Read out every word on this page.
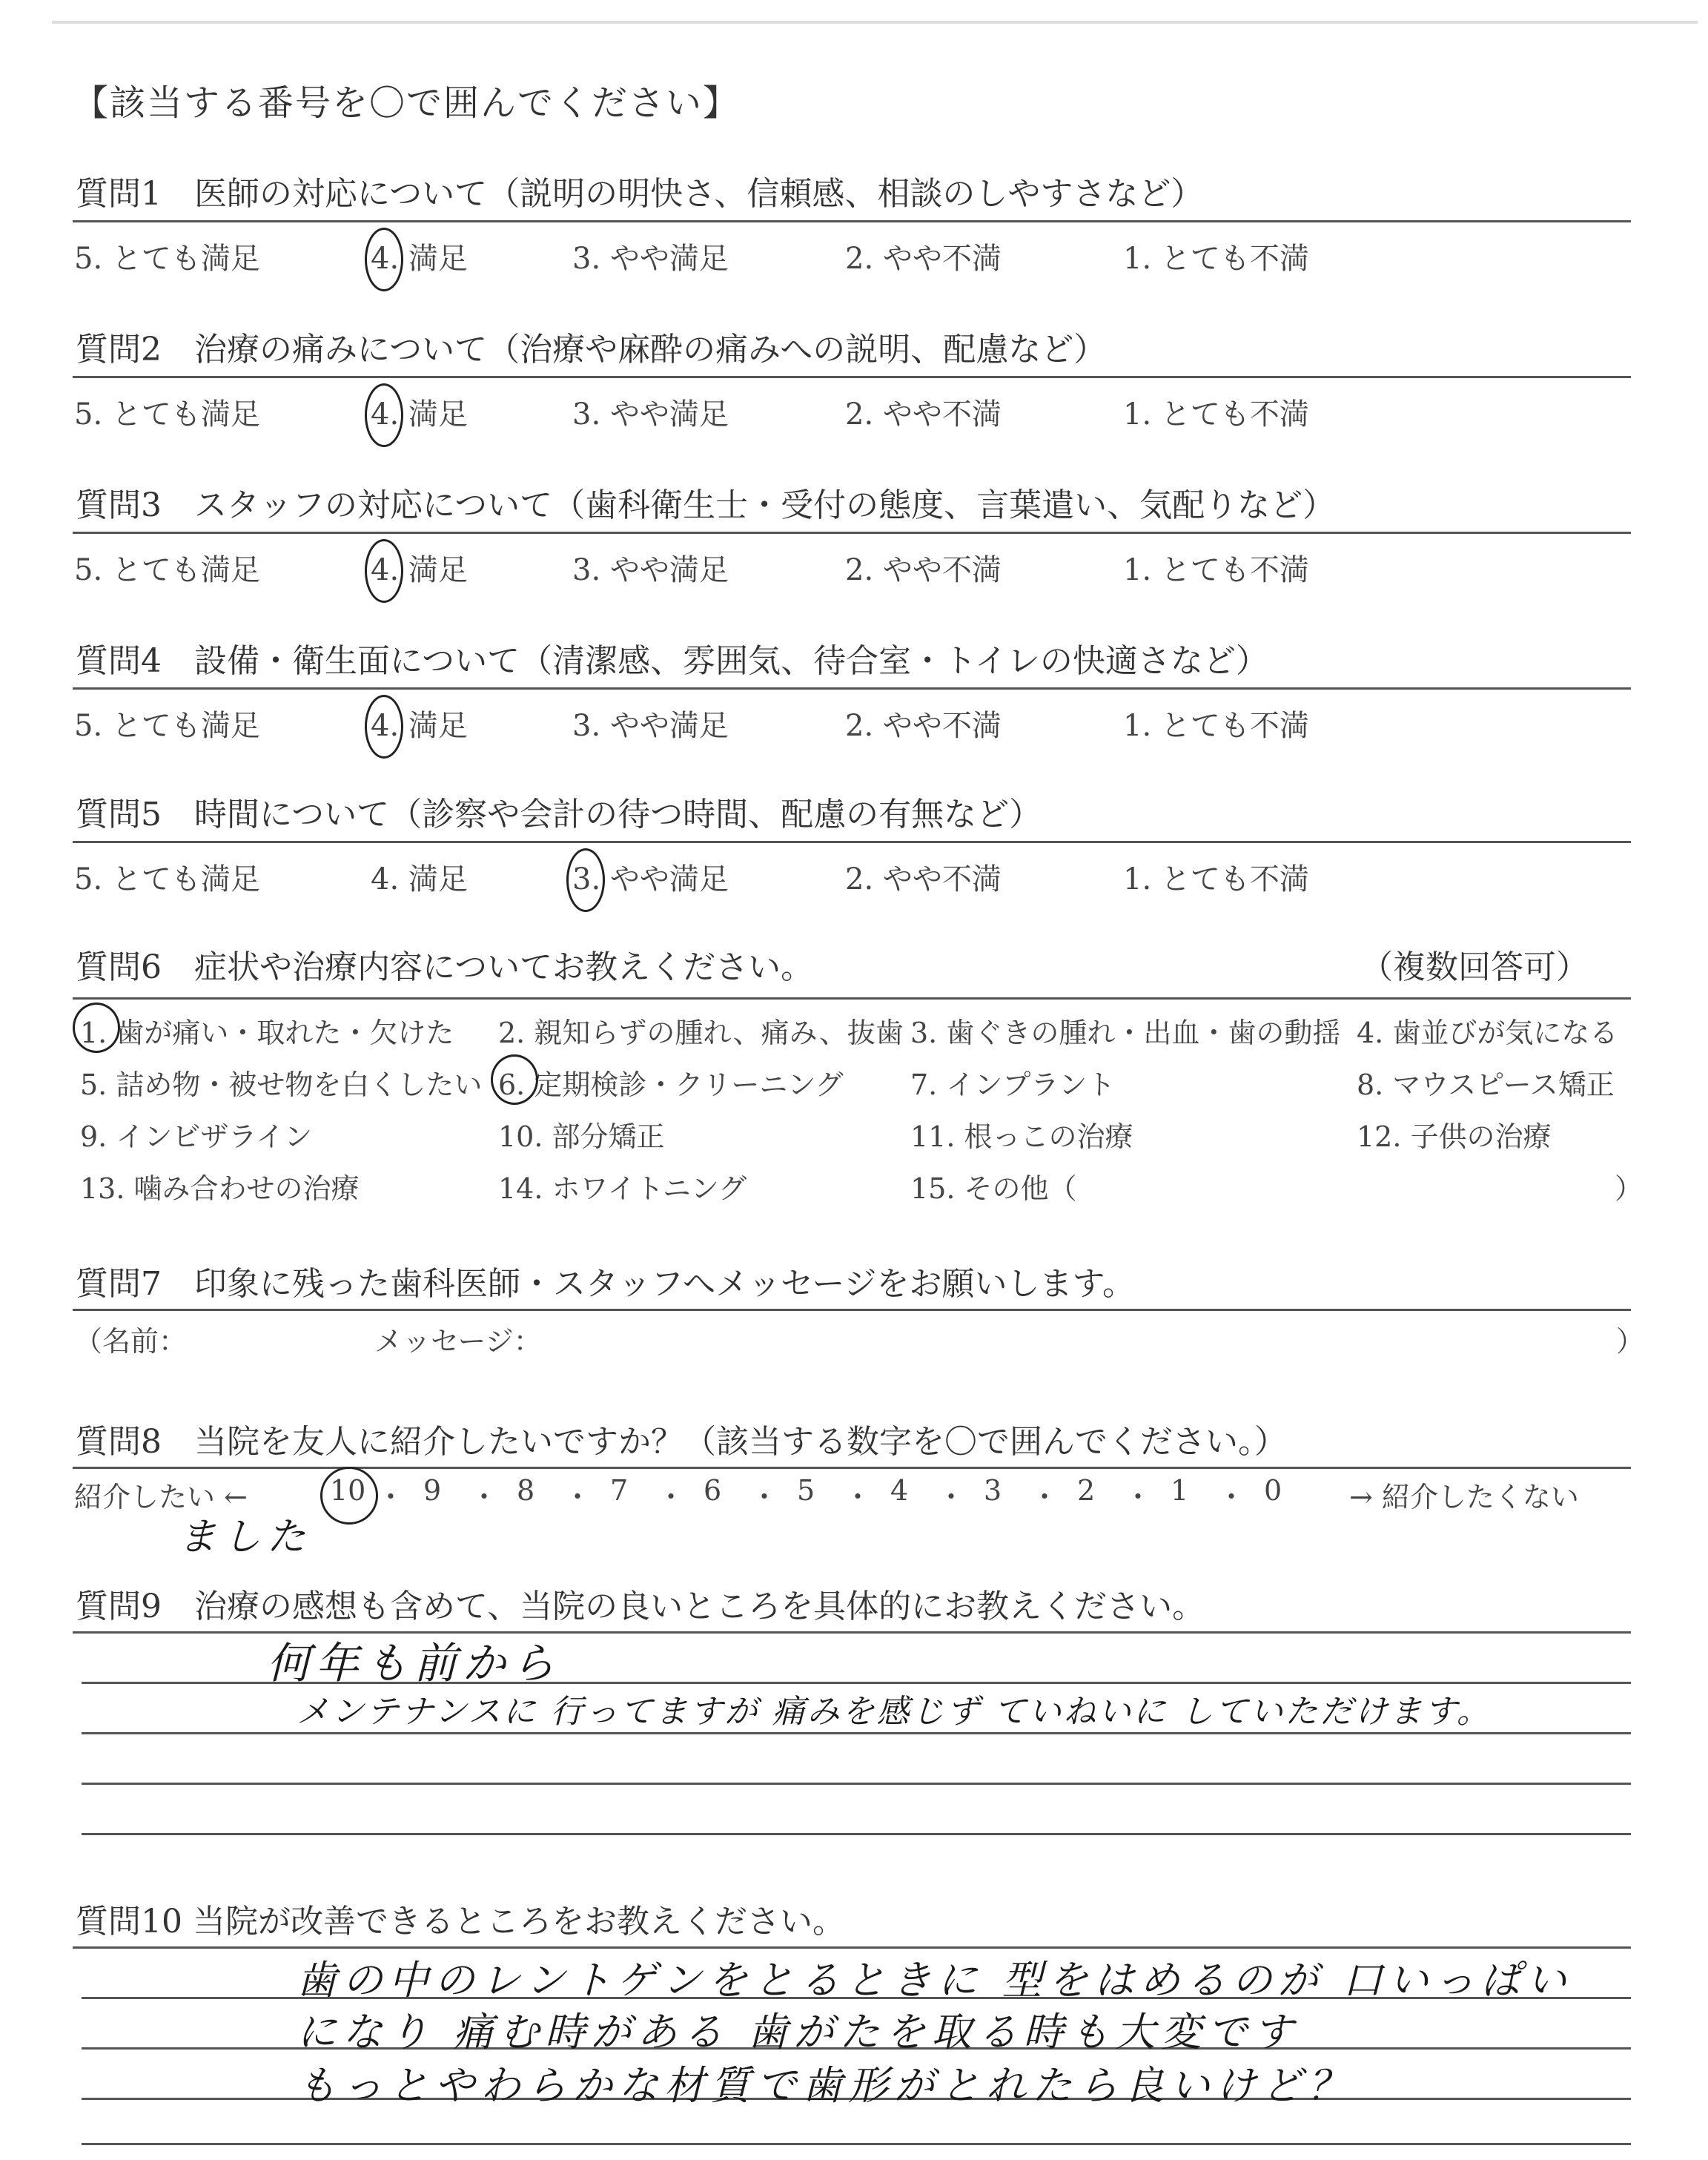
【該当する番号を〇で囲んでください】
質問1　医師の対応について（説明の明快さ、信頼感、相談のしやすさなど）
5. とても満足	4. 満足	3. やや満足	2. やや不満	1. とても不満
質問2　治療の痛みについて（治療や麻酔の痛みへの説明、配慮など）
5. とても満足	4. 満足	3. やや満足	2. やや不満	1. とても不満
質問3　スタッフの対応について（歯科衛生士・受付の態度、言葉遣い、気配りなど）
5. とても満足	4. 満足	3. やや満足	2. やや不満	1. とても不満
質問4　設備・衛生面について（清潔感、雰囲気、待合室・トイレの快適さなど）
5. とても満足	4. 満足	3. やや満足	2. やや不満	1. とても不満
質問5　時間について（診察や会計の待つ時間、配慮の有無など）
5. とても満足	4. 満足	3. やや満足	2. やや不満	1. とても不満
質問6　症状や治療内容についてお教えください。	（複数回答可）
1. 歯が痛い・取れた・欠けた 2. 親知らずの腫れ、痛み、抜歯 3. 歯ぐきの腫れ・出血・歯の動揺 4. 歯並びが気になる
5. 詰め物・被せ物を白くしたい 6. 定期検診・クリーニング 7. インプラント	8. マウスピース矯正
9. インビザライン	10. 部分矯正	11. 根っこの治療	12. 子供の治療
13. 噛み合わせの治療	14. ホワイトニング	15. その他（	）
質問7　印象に残った歯科医師・スタッフへメッセージをお願いします。
（名前：	メッセージ：	）
質問8　当院を友人に紹介したいですか？（該当する数字を〇で囲んでください。）
紹介したい ←	10 ・ 9 ・ 8 ・ 7 ・ 6 ・ 5 ・ 4 ・ 3 ・ 2 ・ 1 ・ 0 → 紹介したくない
ました
質問9　治療の感想も含めて、当院の良いところを具体的にお教えください。
何年も前から
メンテナンスに 行ってますが 痛みを感じず ていねいに していただけます。
質問10 当院が改善できるところをお教えください。
歯の中のレントゲンをとるときに 型をはめるのが 口いっぱい
になり 痛む時がある 歯がたを取る時も大変です
もっとやわらかな材質で歯形がとれたら良いけど？
